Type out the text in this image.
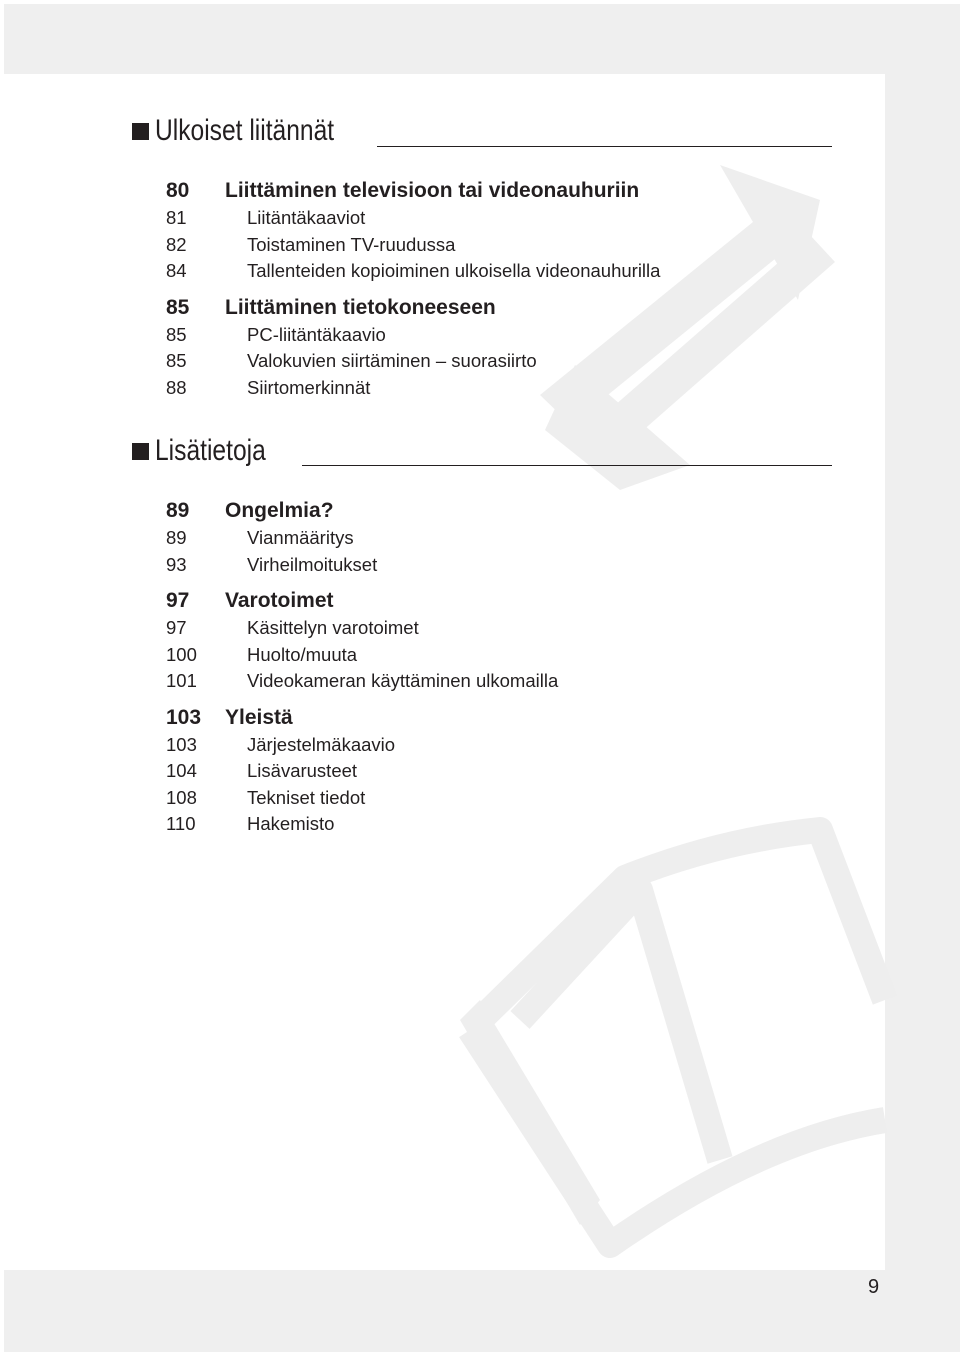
Ulkoiset liitännät
80	Liittäminen televisioon tai videonauhuriin
81	Liitäntäkaaviot
82	Toistaminen TV-ruudussa
84	Tallenteiden kopioiminen ulkoisella videonauhurilla
85	Liittäminen tietokoneeseen
85	PC-liitäntäkaavio
85	Valokuvien siirtäminen – suorasiirto
88	Siirtomerkinnät
Lisätietoja
89	Ongelmia?
89	Vianmääritys
93	Virheilmoitukset
97	Varotoimet
97	Käsittelyn varotoimet
100	Huolto/muuta
101	Videokameran käyttäminen ulkomailla
103	Yleistä
103	Järjestelmäkaavio
104	Lisävarusteet
108	Tekniset tiedot
110	Hakemisto
9
